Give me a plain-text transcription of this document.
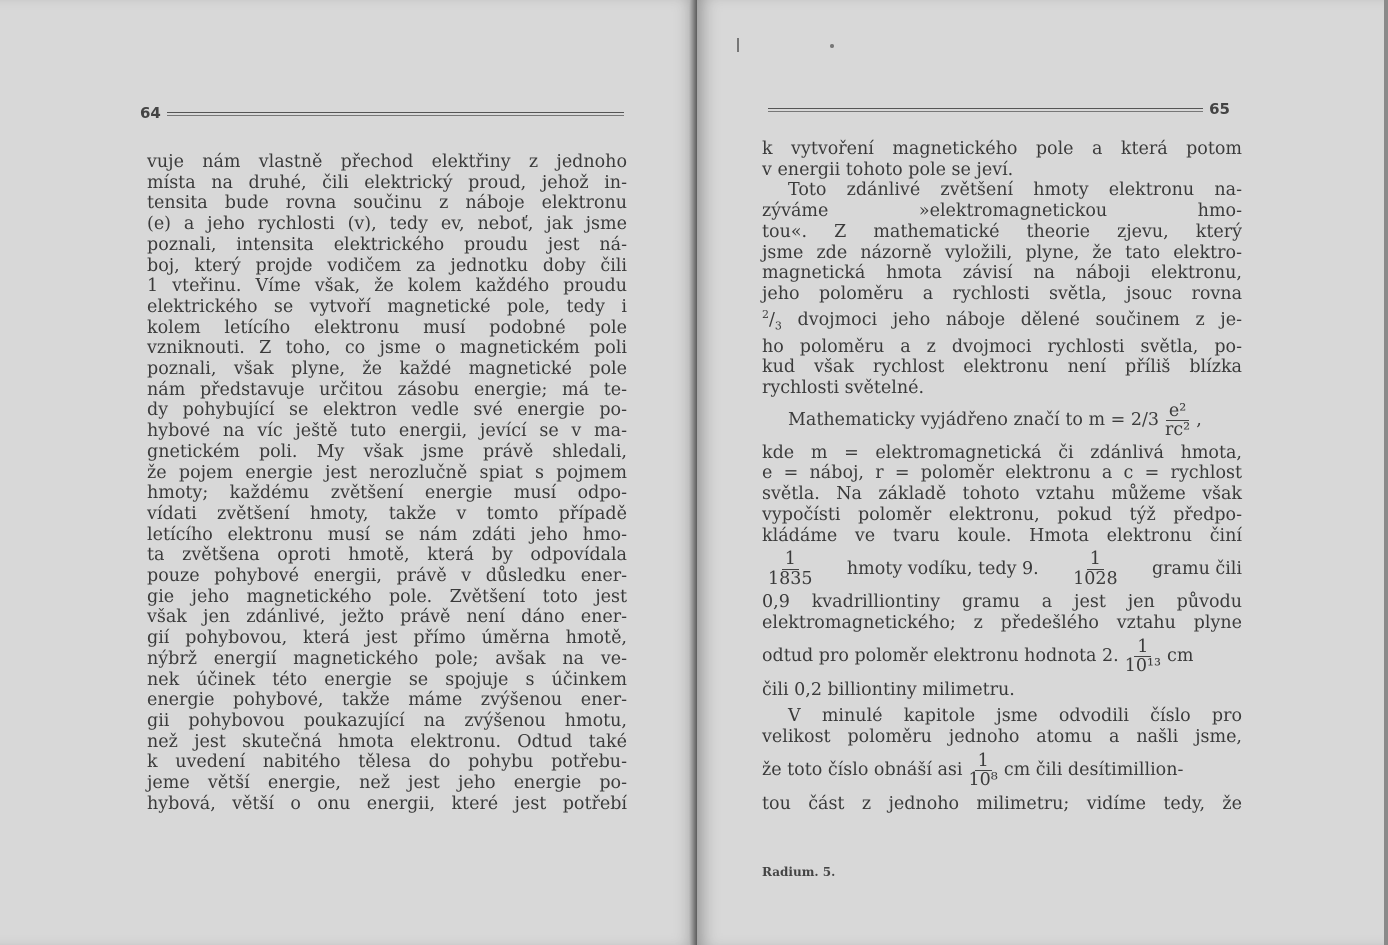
64
vuje nám vlastně přechod elektřiny z jednoho
místa na druhé, čili elektrický proud, jehož in-
tensita bude rovna součinu z náboje elektronu
(e) a jeho rychlosti (v), tedy ev, neboť, jak jsme
poznali, intensita elektrického proudu jest ná-
boj, který projde vodičem za jednotku doby čili
1 vteřinu. Víme však, že kolem každého proudu
elektrického se vytvoří magnetické pole, tedy i
kolem letícího elektronu musí podobné pole
vzniknouti. Z toho, co jsme o magnetickém poli
poznali, však plyne, že každé magnetické pole
nám představuje určitou zásobu energie; má te-
dy pohybující se elektron vedle své energie po-
hybové na víc ještě tuto energii, jevící se v ma-
gnetickém poli. My však jsme právě shledali,
že pojem energie jest nerozlučně spiat s pojmem
hmoty; každému zvětšení energie musí odpo-
vídati zvětšení hmoty, takže v tomto případě
letícího elektronu musí se nám zdáti jeho hmo-
ta zvětšena oproti hmotě, která by odpovídala
pouze pohybové energii, právě v důsledku ener-
gie jeho magnetického pole. Zvětšení toto jest
však jen zdánlivé, ježto právě není dáno ener-
gií pohybovou, která jest přímo úměrna hmotě,
nýbrž energií magnetického pole; avšak na ve-
nek účinek této energie se spojuje s účinkem
energie pohybové, takže máme zvýšenou ener-
gii pohybovou poukazující na zvýšenou hmotu,
než jest skutečná hmota elektronu. Odtud také
k uvedení nabitého tělesa do pohybu potřebu-
jeme větší energie, než jest jeho energie po-
hybová, větší o onu energii, které jest potřebí
65
k vytvoření magnetického pole a která potom
v energii tohoto pole se jeví.
Toto zdánlivé zvětšení hmoty elektronu na-
zýváme »elektromagnetickou hmo-
tou«. Z mathematické theorie zjevu, který
jsme zde názorně vyložili, plyne, že tato elektro-
magnetická hmota závisí na náboji elektronu,
jeho poloměru a rychlosti světla, jsouc rovna
$^2/_3$ dvojmoci jeho náboje dělené součinem z je-
ho poloměru a z dvojmoci rychlosti světla, po-
kud však rychlost elektronu není příliš blízka
rychlosti světelné.
Mathematicky vyjádřeno značí to $m = 2/3 \frac{\text{e²}}{\text{rc²}}$ ,
kde m = elektromagnetická či zdánlivá hmota,
e = náboj, r = poloměr elektronu a c = rychlost
světla. Na základě tohoto vztahu můžeme však
vypočísti poloměr elektronu, pokud týž předpo-
kládáme ve tvaru koule. Hmota elektronu činí
$\frac{1}{1835}$ hmoty vodíku, tedy 9. $\frac{1}{1028}$ gramu čili
0,9 kvadrilliontiny gramu a jest jen původu
elektromagnetického; z předešlého vztahu plyne
odtud pro poloměr elektronu hodnota 2. $\frac{1}{\text{10¹³}}$ cm
čili 0,2 billiontiny milimetru.
V minulé kapitole jsme odvodili číslo pro
velikost poloměru jednoho atomu a našli jsme,
že toto číslo obnáší asi $\frac{1}{\text{10⁸}}$ cm čili desítimillion-
tou část z jednoho milimetru; vidíme tedy, že
Radium. 5.
